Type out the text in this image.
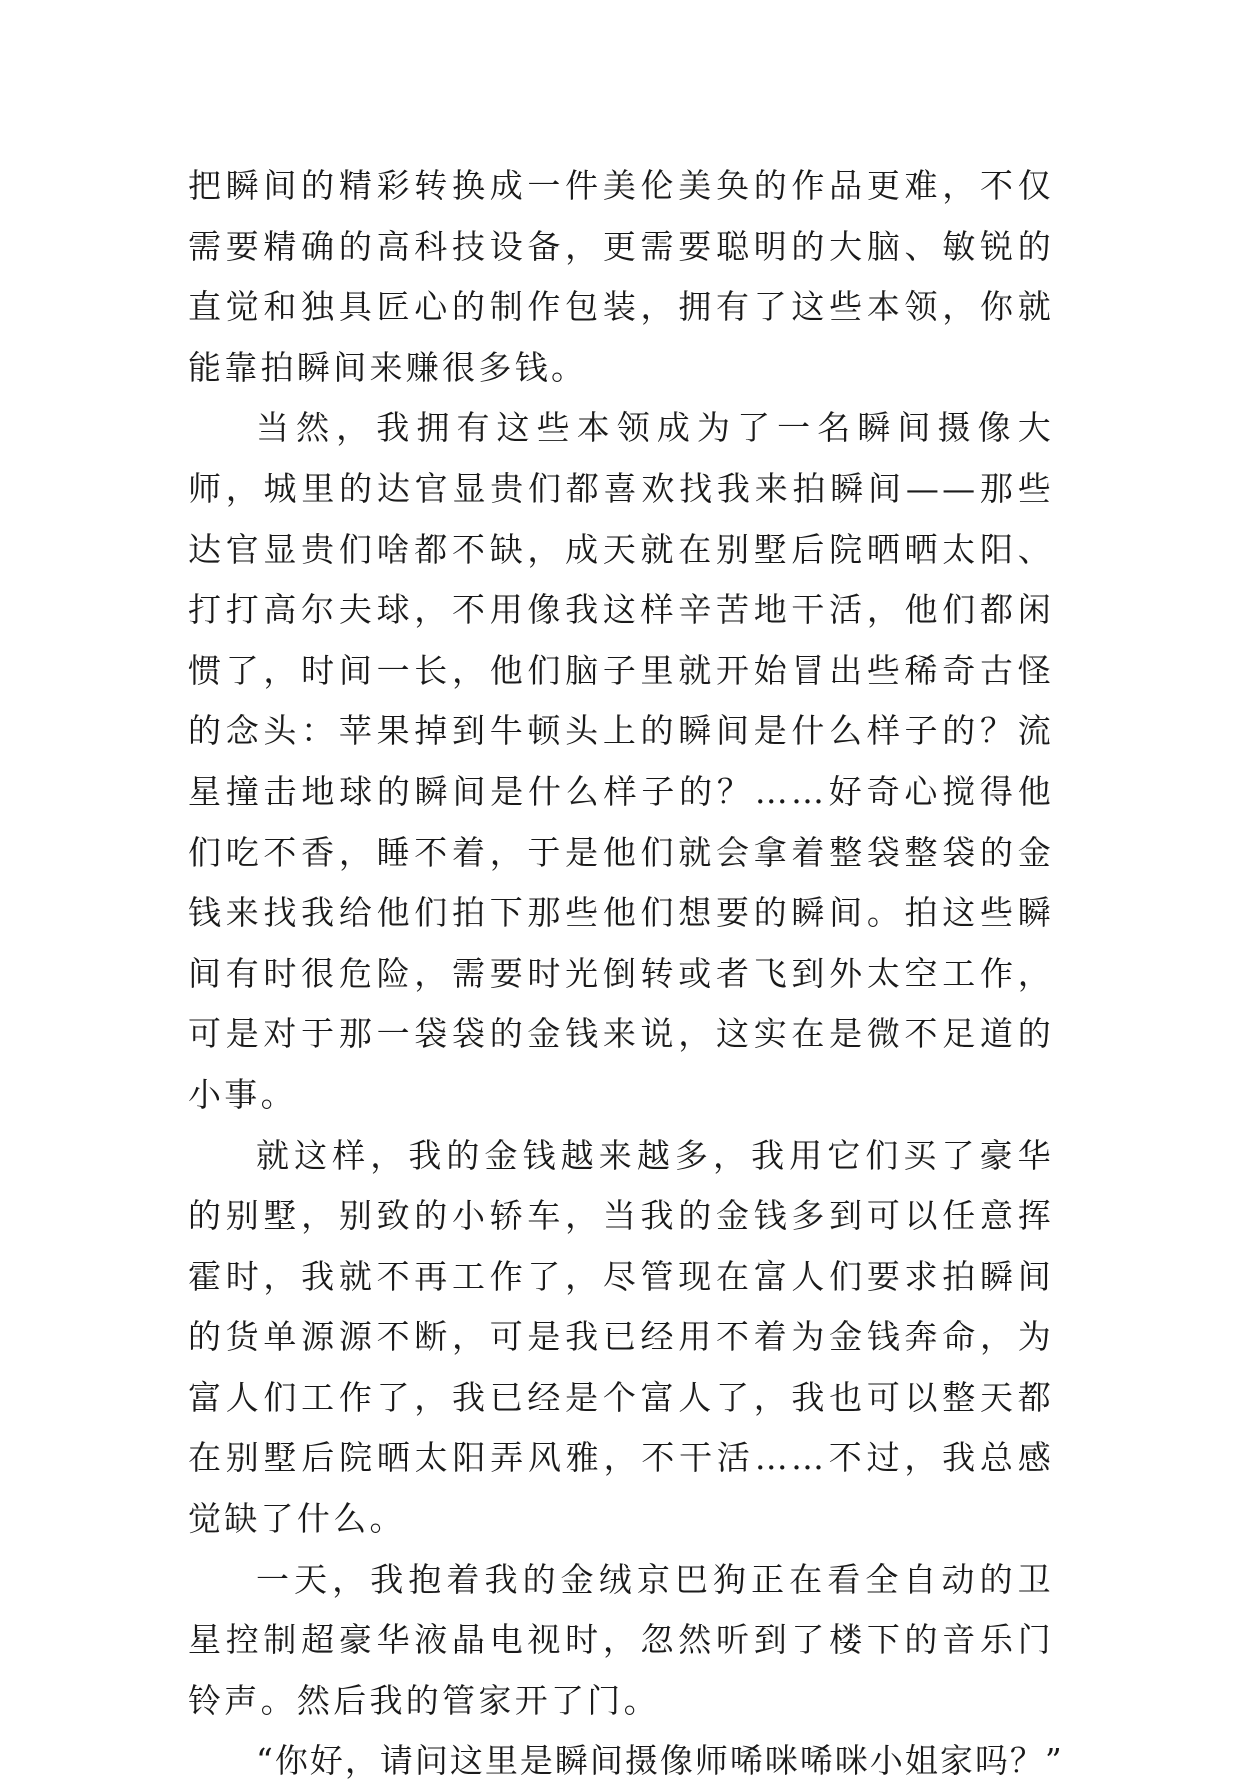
把瞬间的精彩转换成一件美伦美奂的作品更难，不仅需要精确的高科技设备，更需要聪明的大脑、敏锐的直觉和独具匠心的制作包装，拥有了这些本领，你就能靠拍瞬间来赚很多钱。

当然，我拥有这些本领成为了一名瞬间摄像大师，城里的达官显贵们都喜欢找我来拍瞬间——那些达官显贵们啥都不缺，成天就在别墅后院晒晒太阳、打打高尔夫球，不用像我这样辛苦地干活，他们都闲惯了，时间一长，他们脑子里就开始冒出些稀奇古怪的念头：苹果掉到牛顿头上的瞬间是什么样子的？流星撞击地球的瞬间是什么样子的？……好奇心搅得他们吃不香，睡不着，于是他们就会拿着整袋整袋的金钱来找我给他们拍下那些他们想要的瞬间。拍这些瞬间有时很危险，需要时光倒转或者飞到外太空工作，可是对于那一袋袋的金钱来说，这实在是微不足道的小事。

就这样，我的金钱越来越多，我用它们买了豪华的别墅，别致的小轿车，当我的金钱多到可以任意挥霍时，我就不再工作了，尽管现在富人们要求拍瞬间的货单源源不断，可是我已经用不着为金钱奔命，为富人们工作了，我已经是个富人了，我也可以整天都在别墅后院晒太阳弄风雅，不干活……不过，我总感觉缺了什么。

一天，我抱着我的金绒京巴狗正在看全自动的卫星控制超豪华液晶电视时，忽然听到了楼下的音乐门铃声。然后我的管家开了门。

“你好，请问这里是瞬间摄像师唏咪唏咪小姐家吗？”
